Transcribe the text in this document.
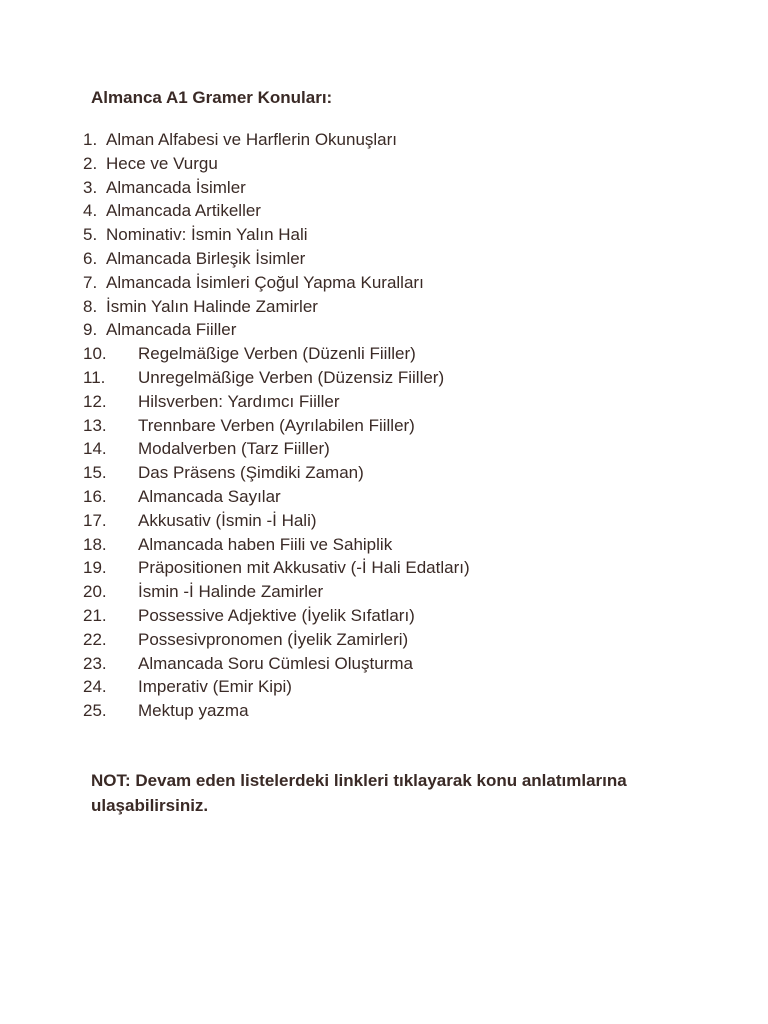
Almanca A1 Gramer Konuları:
1. Alman Alfabesi ve Harflerin Okunuşları
2. Hece ve Vurgu
3. Almancada İsimler
4. Almancada Artikeller
5. Nominativ: İsmin Yalın Hali
6. Almancada Birleşik İsimler
7. Almancada İsimleri Çoğul Yapma Kuralları
8. İsmin Yalın Halinde Zamirler
9. Almancada Fiiller
10. Regelmäßige Verben (Düzenli Fiiller)
11. Unregelmäßige Verben (Düzensiz Fiiller)
12. Hilsverben: Yardımcı Fiiller
13. Trennbare Verben (Ayrılabilen Fiiller)
14. Modalverben (Tarz Fiiller)
15. Das Präsens (Şimdiki Zaman)
16. Almancada Sayılar
17. Akkusativ (İsmin -İ Hali)
18. Almancada haben Fiili ve Sahiplik
19. Präpositionen mit Akkusativ (-İ Hali Edatları)
20. İsmin -İ Halinde Zamirler
21. Possessive Adjektive (İyelik Sıfatları)
22. Possesivpronomen (İyelik Zamirleri)
23. Almancada Soru Cümlesi Oluşturma
24. Imperativ (Emir Kipi)
25. Mektup yazma

NOT: Devam eden listelerdeki linkleri tıklayarak konu anlatımlarına ulaşabilirsiniz.
